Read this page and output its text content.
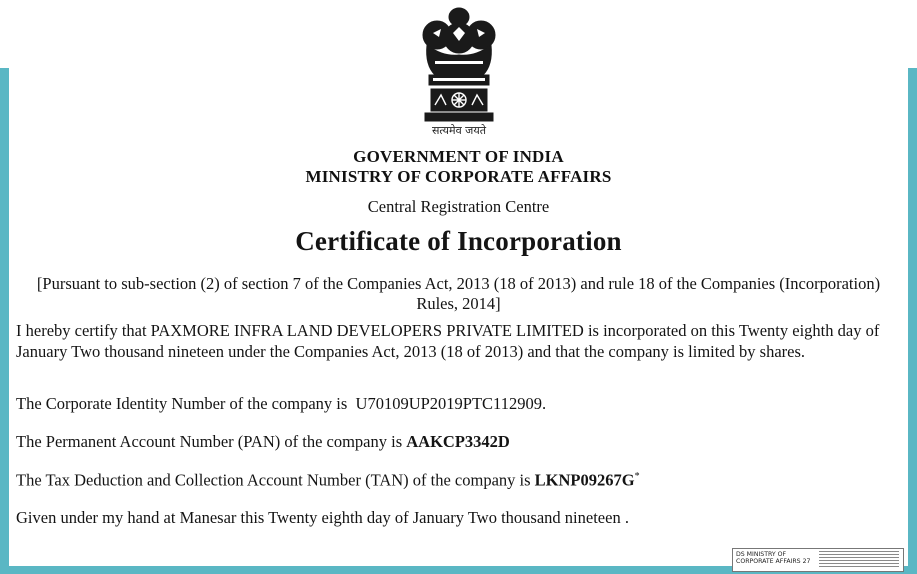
सत्यमेव जयते
GOVERNMENT OF INDIA
MINISTRY OF CORPORATE AFFAIRS
Central Registration Centre
Certificate of Incorporation
[Pursuant to sub-section (2) of section 7 of the Companies Act, 2013 (18 of 2013) and rule 18 of the Companies (Incorporation) Rules, 2014]
I hereby certify that PAXMORE INFRA LAND DEVELOPERS PRIVATE LIMITED is incorporated on this Twenty eighth day of January Two thousand nineteen under the Companies Act, 2013 (18 of 2013) and that the company is limited by shares.
The Corporate Identity Number of the company is U70109UP2019PTC112909.
The Permanent Account Number (PAN) of the company is AAKCP3342D
The Tax Deduction and Collection Account Number (TAN) of the company is LKNP09267G*
Given under my hand at Manesar this Twenty eighth day of January Two thousand nineteen .
DS MINISTRY OF CORPORATE AFFAIRS 27
